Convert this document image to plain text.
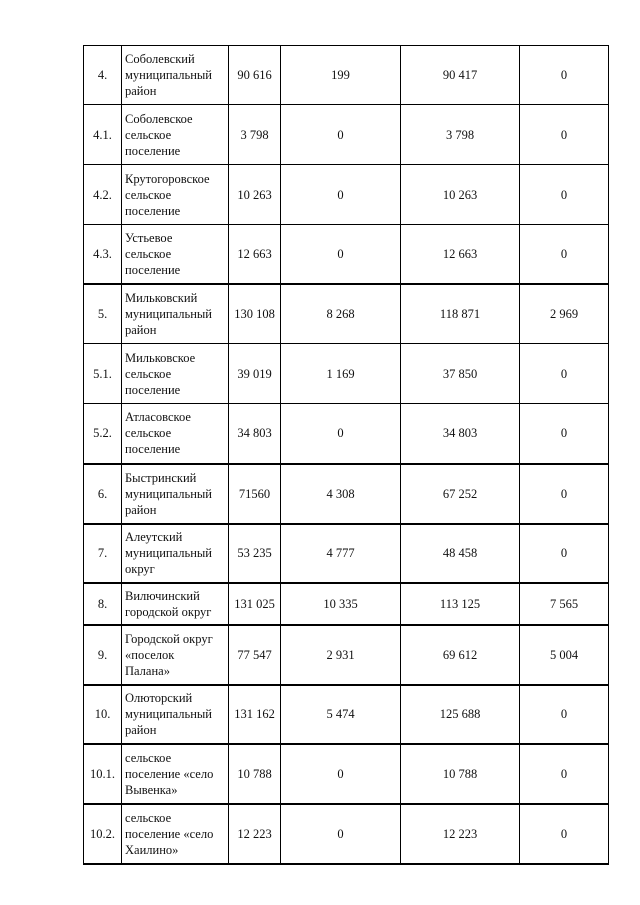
4.	Соболевский
муниципальный
район	90 616	199	90 417	0
4.1.	Соболевское
сельское
поселение	3 798	0	3 798	0
4.2.	Крутогоровское
сельское
поселение	10 263	0	10 263	0
4.3.	Устьевое
сельское
поселение	12 663	0	12 663	0
5.	Мильковский
муниципальный
район	130 108	8 268	118 871	2 969
5.1.	Мильковское
сельское
поселение	39 019	1 169	37 850	0
5.2.	Атласовское
сельское
поселение	34 803	0	34 803	0
6.	Быстринский
муниципальный
район	71560	4 308	67 252	0
7.	Алеутский
муниципальный
округ	53 235	4 777	48 458	0
8.	Вилючинский
городской округ	131 025	10 335	113 125	7 565
9.	Городской округ
«поселок
Палана»	77 547	2 931	69 612	5 004
10.	Олюторский
муниципальный
район	131 162	5 474	125 688	0
10.1.	сельское
поселение «село
Вывенка»	10 788	0	10 788	0
10.2.	сельское
поселение «село
Хаилино»	12 223	0	12 223	0
